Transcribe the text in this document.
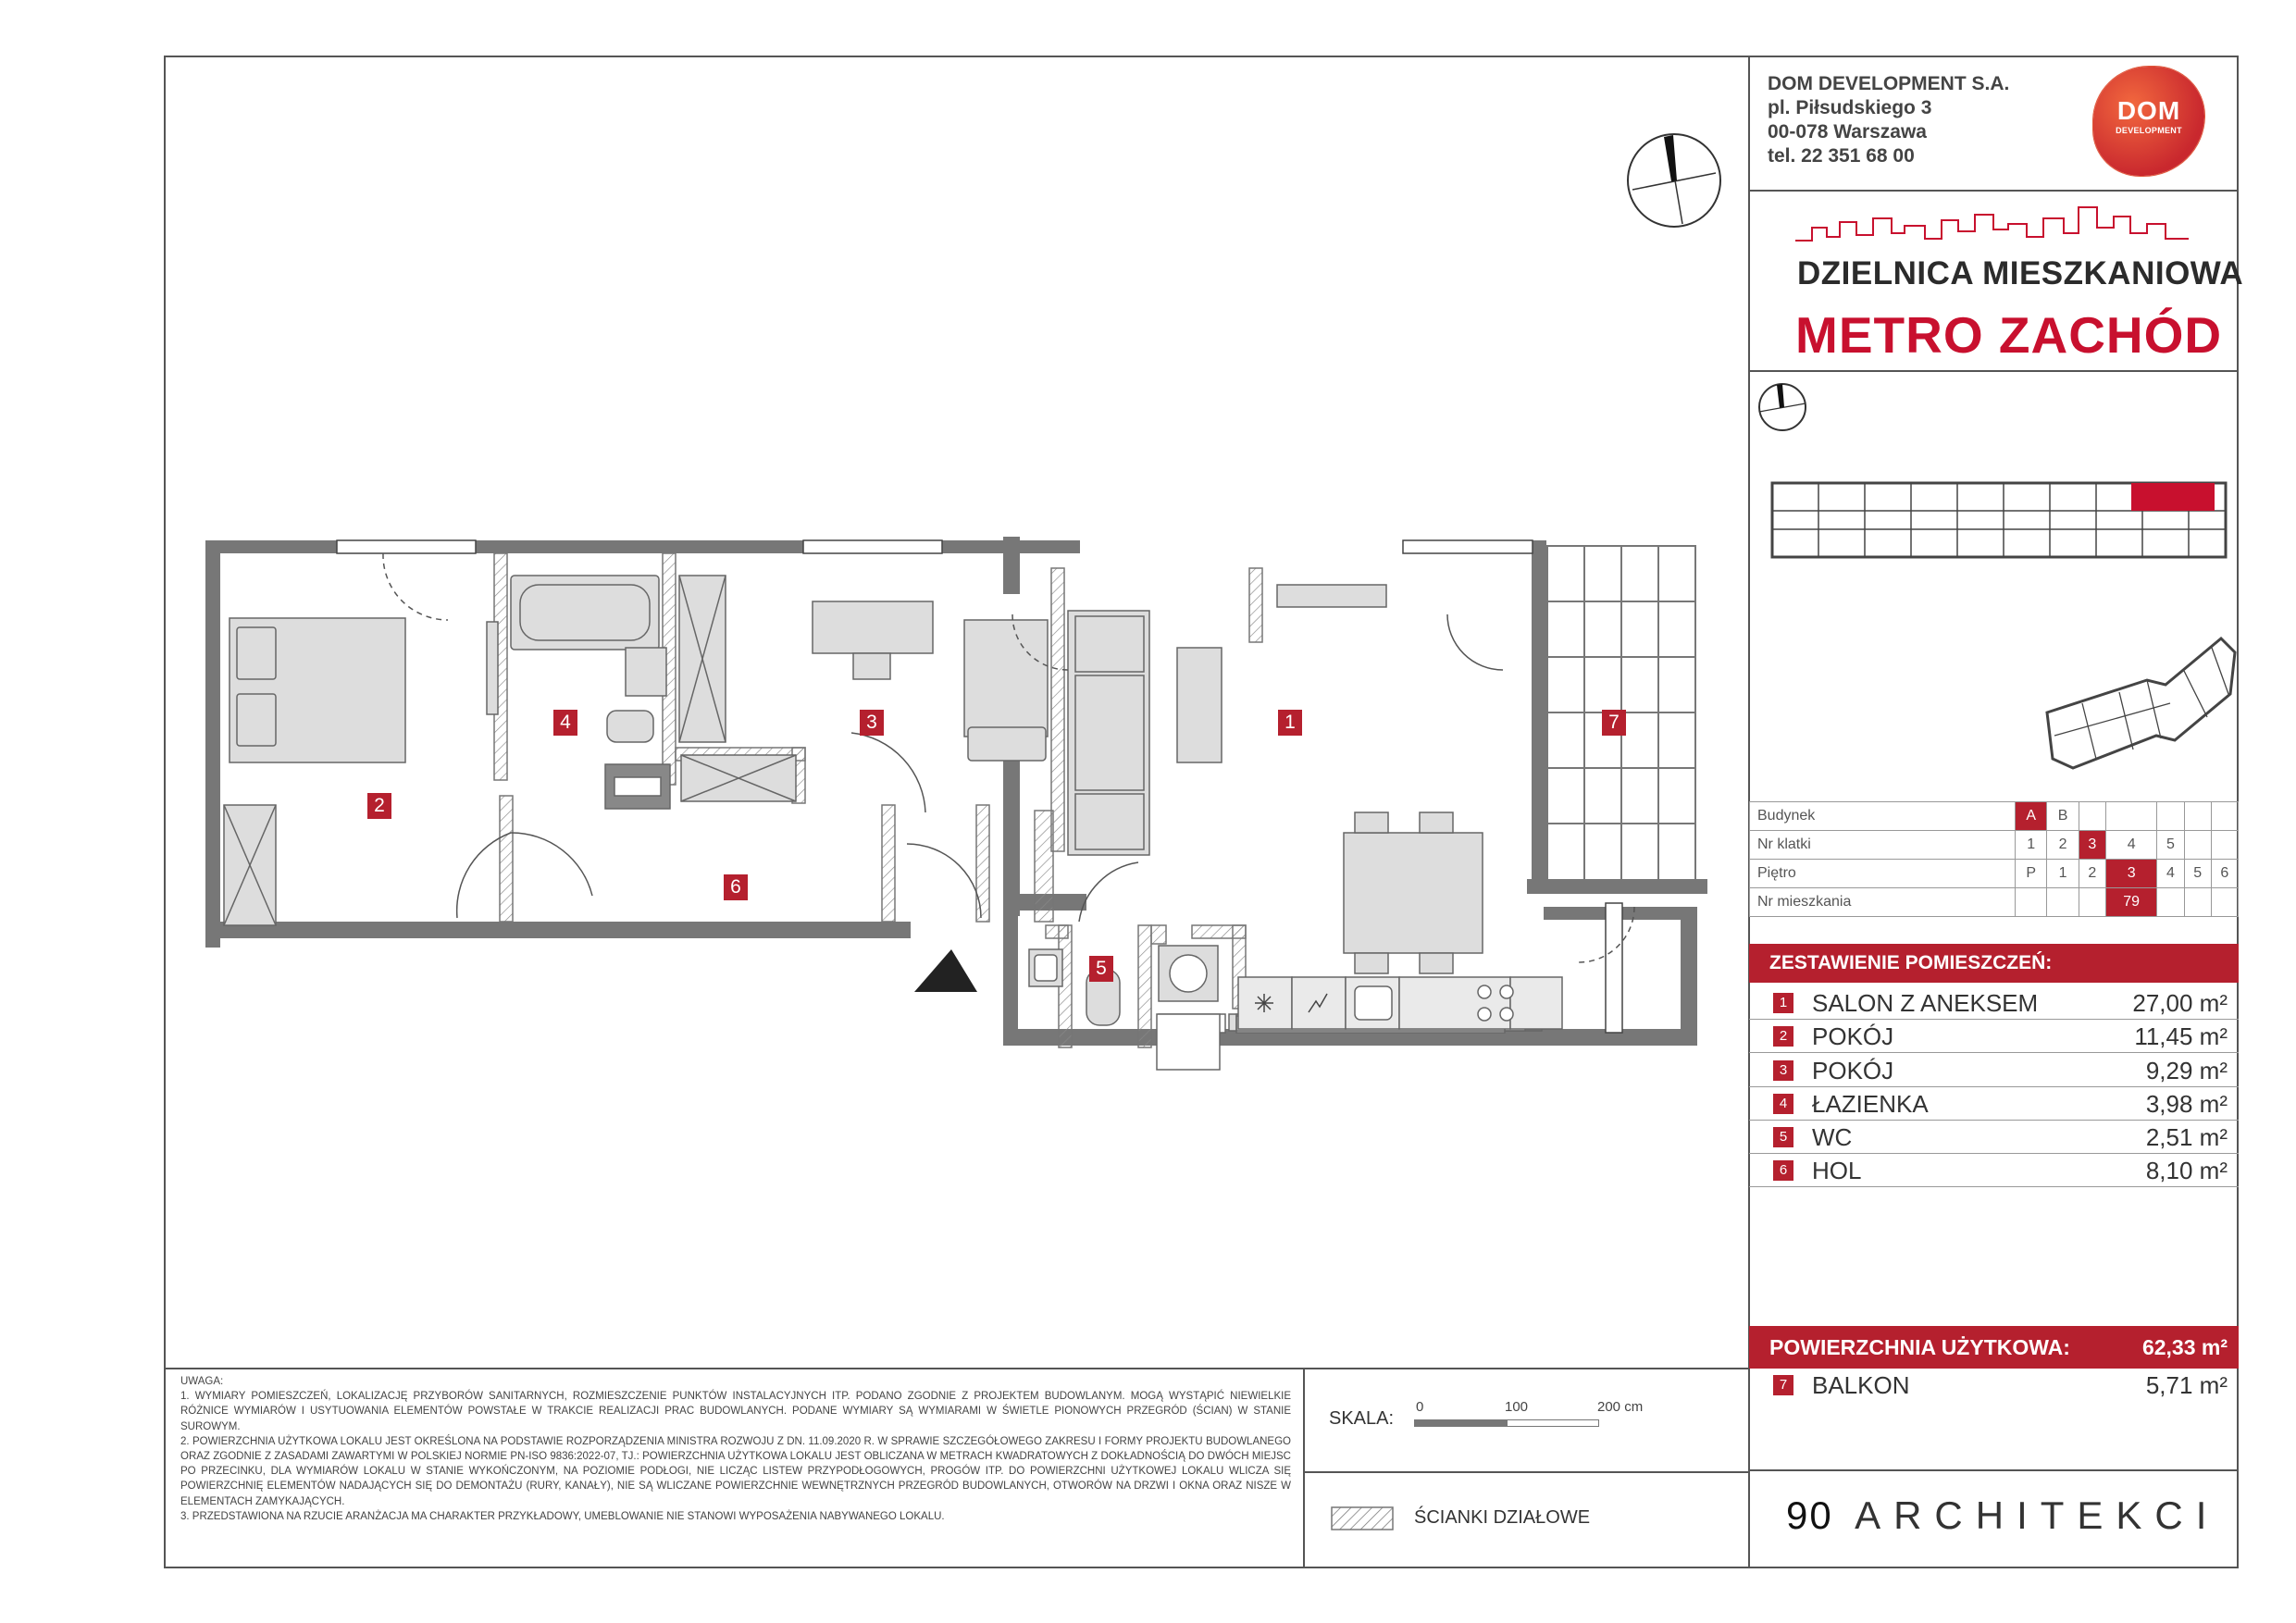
DOM DEVELOPMENT S.A.
pl. Piłsudskiego 3
00-078 Warszawa
tel. 22 351 68 00
DOM
DEVELOPMENT
DZIELNICA MIESZKANIOWA
METRO ZACHÓD
Budynek	A	B					
Nr klatki	1	2	3	4	5		
Piętro	P	1	2	3	4	5	6
Nr mieszkania				79			
ZESTAWIENIE POMIESZCZEŃ:
1 SALON Z ANEKSEM	27,00 m²
2 POKÓJ	11,45 m²
3 POKÓJ	9,29 m²
4 ŁAZIENKA	3,98 m²
5 WC	2,51 m²
6 HOL	8,10 m²
POWIERZCHNIA UŻYTKOWA:	62,33 m²
7 BALKON	5,71 m²
90 ARCHITEKCI
UWAGA:
1. WYMIARY POMIESZCZEŃ, LOKALIZACJĘ PRZYBORÓW SANITARNYCH, ROZMIESZCZENIE PUNKTÓW INSTALACYJNYCH ITP. PODANO ZGODNIE Z PROJEKTEM BUDOWLANYM. MOGĄ WYSTĄPIĆ NIEWIELKIE RÓŻNICE WYMIARÓW I USYTUOWANIA ELEMENTÓW POWSTAŁE W TRAKCIE REALIZACJI PRAC BUDOWLANYCH. PODANE WYMIARY SĄ WYMIARAMI W ŚWIETLE PIONOWYCH PRZEGRÓD (ŚCIAN) W STANIE SUROWYM.
2. POWIERZCHNIA UŻYTKOWA LOKALU JEST OKREŚLONA NA PODSTAWIE ROZPORZĄDZENIA MINISTRA ROZWOJU Z DN. 11.09.2020 R. W SPRAWIE SZCZEGÓŁOWEGO ZAKRESU I FORMY PROJEKTU BUDOWLANEGO ORAZ ZGODNIE Z ZASADAMI ZAWARTYMI W POLSKIEJ NORMIE PN-ISO 9836:2022-07, TJ.: POWIERZCHNIA UŻYTKOWA LOKALU JEST OBLICZANA W METRACH KWADRATOWYCH Z DOKŁADNOŚCIĄ DO DWÓCH MIEJSC PO PRZECINKU, DLA WYMIARÓW LOKALU W STANIE WYKOŃCZONYM, NA POZIOMIE PODŁOGI, NIE LICZĄC LISTEW PRZYPODŁOGOWYCH, PROGÓW ITP. DO POWIERZCHNI UŻYTKOWEJ LOKALU WLICZA SIĘ POWIERZCHNIĘ ELEMENTÓW NADAJĄCYCH SIĘ DO DEMONTAŻU (RURY, KANAŁY), NIE SĄ WLICZANE POWIERZCHNIE WEWNĘTRZNYCH PRZEGRÓD BUDOWLANYCH, OTWORÓW NA DRZWI I OKNA ORAZ NISZE W ELEMENTACH ZAMYKAJĄCYCH.
3. PRZEDSTAWIONA NA RZUCIE ARANŻACJA MA CHARAKTER PRZYKŁADOWY, UMEBLOWANIE NIE STANOWI WYPOSAŻENIA NABYWANEGO LOKALU.
SKALA:
0	100	200 cm
ŚCIANKI DZIAŁOWE
1
2
3
4
5
6
7
